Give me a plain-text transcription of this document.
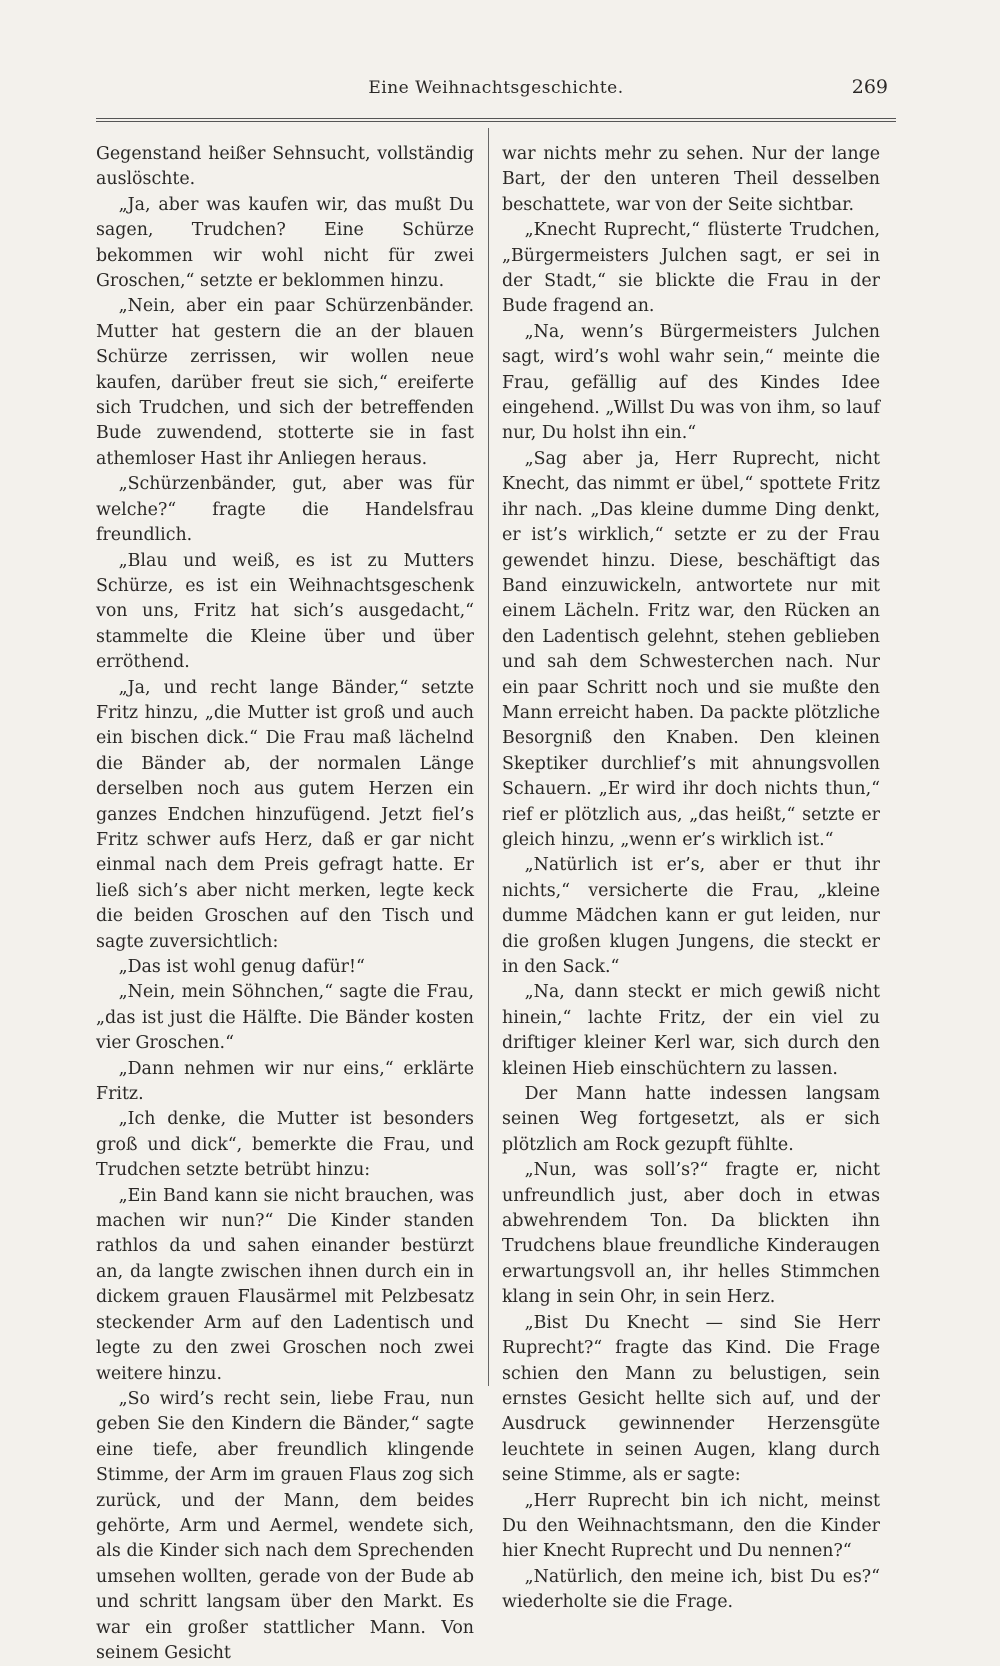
Eine Weihnachtsgeschichte.	269

Gegenstand heißer Sehnsucht, vollständig auslöschte.

„Ja, aber was kaufen wir, das mußt Du sagen, Trudchen? Eine Schürze bekommen wir wohl nicht für zwei Groschen,“ setzte er beklommen hinzu.

„Nein, aber ein paar Schürzenbänder. Mutter hat gestern die an der blauen Schürze zerrissen, wir wollen neue kaufen, darüber freut sie sich,“ ereiferte sich Trudchen, und sich der betreffenden Bude zuwendend, stotterte sie in fast athemloser Hast ihr Anliegen heraus.

„Schürzenbänder, gut, aber was für welche?“ fragte die Handelsfrau freundlich.

„Blau und weiß, es ist zu Mutters Schürze, es ist ein Weihnachtsgeschenk von uns, Fritz hat sich’s ausgedacht,“ stammelte die Kleine über und über erröthend.

„Ja, und recht lange Bänder,“ setzte Fritz hinzu, „die Mutter ist groß und auch ein bischen dick.“ Die Frau maß lächelnd die Bänder ab, der normalen Länge derselben noch aus gutem Herzen ein ganzes Endchen hinzufügend. Jetzt fiel’s Fritz schwer aufs Herz, daß er gar nicht einmal nach dem Preis gefragt hatte. Er ließ sich’s aber nicht merken, legte keck die beiden Groschen auf den Tisch und sagte zuversichtlich:

„Das ist wohl genug dafür!“

„Nein, mein Söhnchen,“ sagte die Frau, „das ist just die Hälfte. Die Bänder kosten vier Groschen.“

„Dann nehmen wir nur eins,“ erklärte Fritz.

„Ich denke, die Mutter ist besonders groß und dick“, bemerkte die Frau, und Trudchen setzte betrübt hinzu:

„Ein Band kann sie nicht brauchen, was machen wir nun?“ Die Kinder standen rathlos da und sahen einander bestürzt an, da langte zwischen ihnen durch ein in dickem grauen Flausärmel mit Pelzbesatz steckender Arm auf den Ladentisch und legte zu den zwei Groschen noch zwei weitere hinzu.

„So wird’s recht sein, liebe Frau, nun geben Sie den Kindern die Bänder,“ sagte eine tiefe, aber freundlich klingende Stimme, der Arm im grauen Flaus zog sich zurück, und der Mann, dem beides gehörte, Arm und Aermel, wendete sich, als die Kinder sich nach dem Sprechenden umsehen wollten, gerade von der Bude ab und schritt langsam über den Markt. Es war ein großer stattlicher Mann. Von seinem Gesicht

war nichts mehr zu sehen. Nur der lange Bart, der den unteren Theil desselben beschattete, war von der Seite sichtbar.

„Knecht Ruprecht,“ flüsterte Trudchen, „Bürgermeisters Julchen sagt, er sei in der Stadt,“ sie blickte die Frau in der Bude fragend an.

„Na, wenn’s Bürgermeisters Julchen sagt, wird’s wohl wahr sein,“ meinte die Frau, gefällig auf des Kindes Idee eingehend. „Willst Du was von ihm, so lauf nur, Du holst ihn ein.“

„Sag aber ja, Herr Ruprecht, nicht Knecht, das nimmt er übel,“ spottete Fritz ihr nach. „Das kleine dumme Ding denkt, er ist’s wirklich,“ setzte er zu der Frau gewendet hinzu. Diese, beschäftigt das Band einzuwickeln, antwortete nur mit einem Lächeln. Fritz war, den Rücken an den Ladentisch gelehnt, stehen geblieben und sah dem Schwesterchen nach. Nur ein paar Schritt noch und sie mußte den Mann erreicht haben. Da packte plötzliche Besorgniß den Knaben. Den kleinen Skeptiker durchlief’s mit ahnungsvollen Schauern. „Er wird ihr doch nichts thun,“ rief er plötzlich aus, „das heißt,“ setzte er gleich hinzu, „wenn er’s wirklich ist.“

„Natürlich ist er’s, aber er thut ihr nichts,“ versicherte die Frau, „kleine dumme Mädchen kann er gut leiden, nur die großen klugen Jungens, die steckt er in den Sack.“

„Na, dann steckt er mich gewiß nicht hinein,“ lachte Fritz, der ein viel zu driftiger kleiner Kerl war, sich durch den kleinen Hieb einschüchtern zu lassen.

Der Mann hatte indessen langsam seinen Weg fortgesetzt, als er sich plötzlich am Rock gezupft fühlte.

„Nun, was soll’s?“ fragte er, nicht unfreundlich just, aber doch in etwas abwehrendem Ton. Da blickten ihn Trudchens blaue freundliche Kinderaugen erwartungsvoll an, ihr helles Stimmchen klang in sein Ohr, in sein Herz.

„Bist Du Knecht — sind Sie Herr Ruprecht?“ fragte das Kind. Die Frage schien den Mann zu belustigen, sein ernstes Gesicht hellte sich auf, und der Ausdruck gewinnender Herzensgüte leuchtete in seinen Augen, klang durch seine Stimme, als er sagte:

„Herr Ruprecht bin ich nicht, meinst Du den Weihnachtsmann, den die Kinder hier Knecht Ruprecht und Du nennen?“

„Natürlich, den meine ich, bist Du es?“ wiederholte sie die Frage.
